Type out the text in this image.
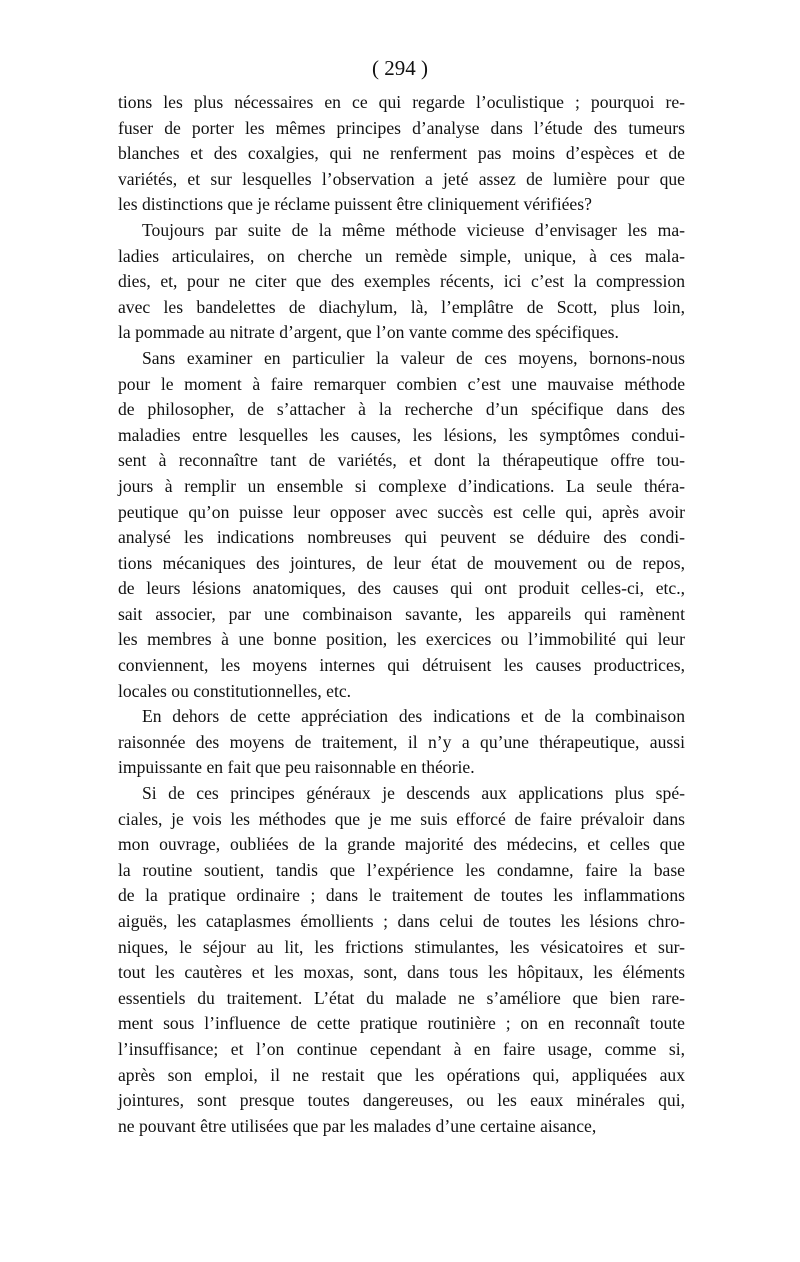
( 294 )
tions les plus nécessaires en ce qui regarde l’oculistique ; pourquoi re-
fuser de porter les mêmes principes d’analyse dans l’étude des tumeurs
blanches et des coxalgies, qui ne renferment pas moins d’espèces et de
variétés, et sur lesquelles l’observation a jeté assez de lumière pour que
les distinctions que je réclame puissent être cliniquement vérifiées?
Toujours par suite de la même méthode vicieuse d’envisager les ma-
ladies articulaires, on cherche un remède simple, unique, à ces mala-
dies, et, pour ne citer que des exemples récents, ici c’est la compression
avec les bandelettes de diachylum, là, l’emplâtre de Scott, plus loin,
la pommade au nitrate d’argent, que l’on vante comme des spécifiques.
Sans examiner en particulier la valeur de ces moyens, bornons-nous
pour le moment à faire remarquer combien c’est une mauvaise méthode
de philosopher, de s’attacher à la recherche d’un spécifique dans des
maladies entre lesquelles les causes, les lésions, les symptômes condui-
sent à reconnaître tant de variétés, et dont la thérapeutique offre tou-
jours à remplir un ensemble si complexe d’indications. La seule théra-
peutique qu’on puisse leur opposer avec succès est celle qui, après avoir
analysé les indications nombreuses qui peuvent se déduire des condi-
tions mécaniques des jointures, de leur état de mouvement ou de repos,
de leurs lésions anatomiques, des causes qui ont produit celles-ci, etc.,
sait associer, par une combinaison savante, les appareils qui ramènent
les membres à une bonne position, les exercices ou l’immobilité qui leur
conviennent, les moyens internes qui détruisent les causes productrices,
locales ou constitutionnelles, etc.
En dehors de cette appréciation des indications et de la combinaison
raisonnée des moyens de traitement, il n’y a qu’une thérapeutique, aussi
impuissante en fait que peu raisonnable en théorie.
Si de ces principes généraux je descends aux applications plus spé-
ciales, je vois les méthodes que je me suis efforcé de faire prévaloir dans
mon ouvrage, oubliées de la grande majorité des médecins, et celles que
la routine soutient, tandis que l’expérience les condamne, faire la base
de la pratique ordinaire ; dans le traitement de toutes les inflammations
aiguës, les cataplasmes émollients ; dans celui de toutes les lésions chro-
niques, le séjour au lit, les frictions stimulantes, les vésicatoires et sur-
tout les cautères et les moxas, sont, dans tous les hôpitaux, les éléments
essentiels du traitement. L’état du malade ne s’améliore que bien rare-
ment sous l’influence de cette pratique routinière ; on en reconnaît toute
l’insuffisance; et l’on continue cependant à en faire usage, comme si,
après son emploi, il ne restait que les opérations qui, appliquées aux
jointures, sont presque toutes dangereuses, ou les eaux minérales qui,
ne pouvant être utilisées que par les malades d’une certaine aisance,
